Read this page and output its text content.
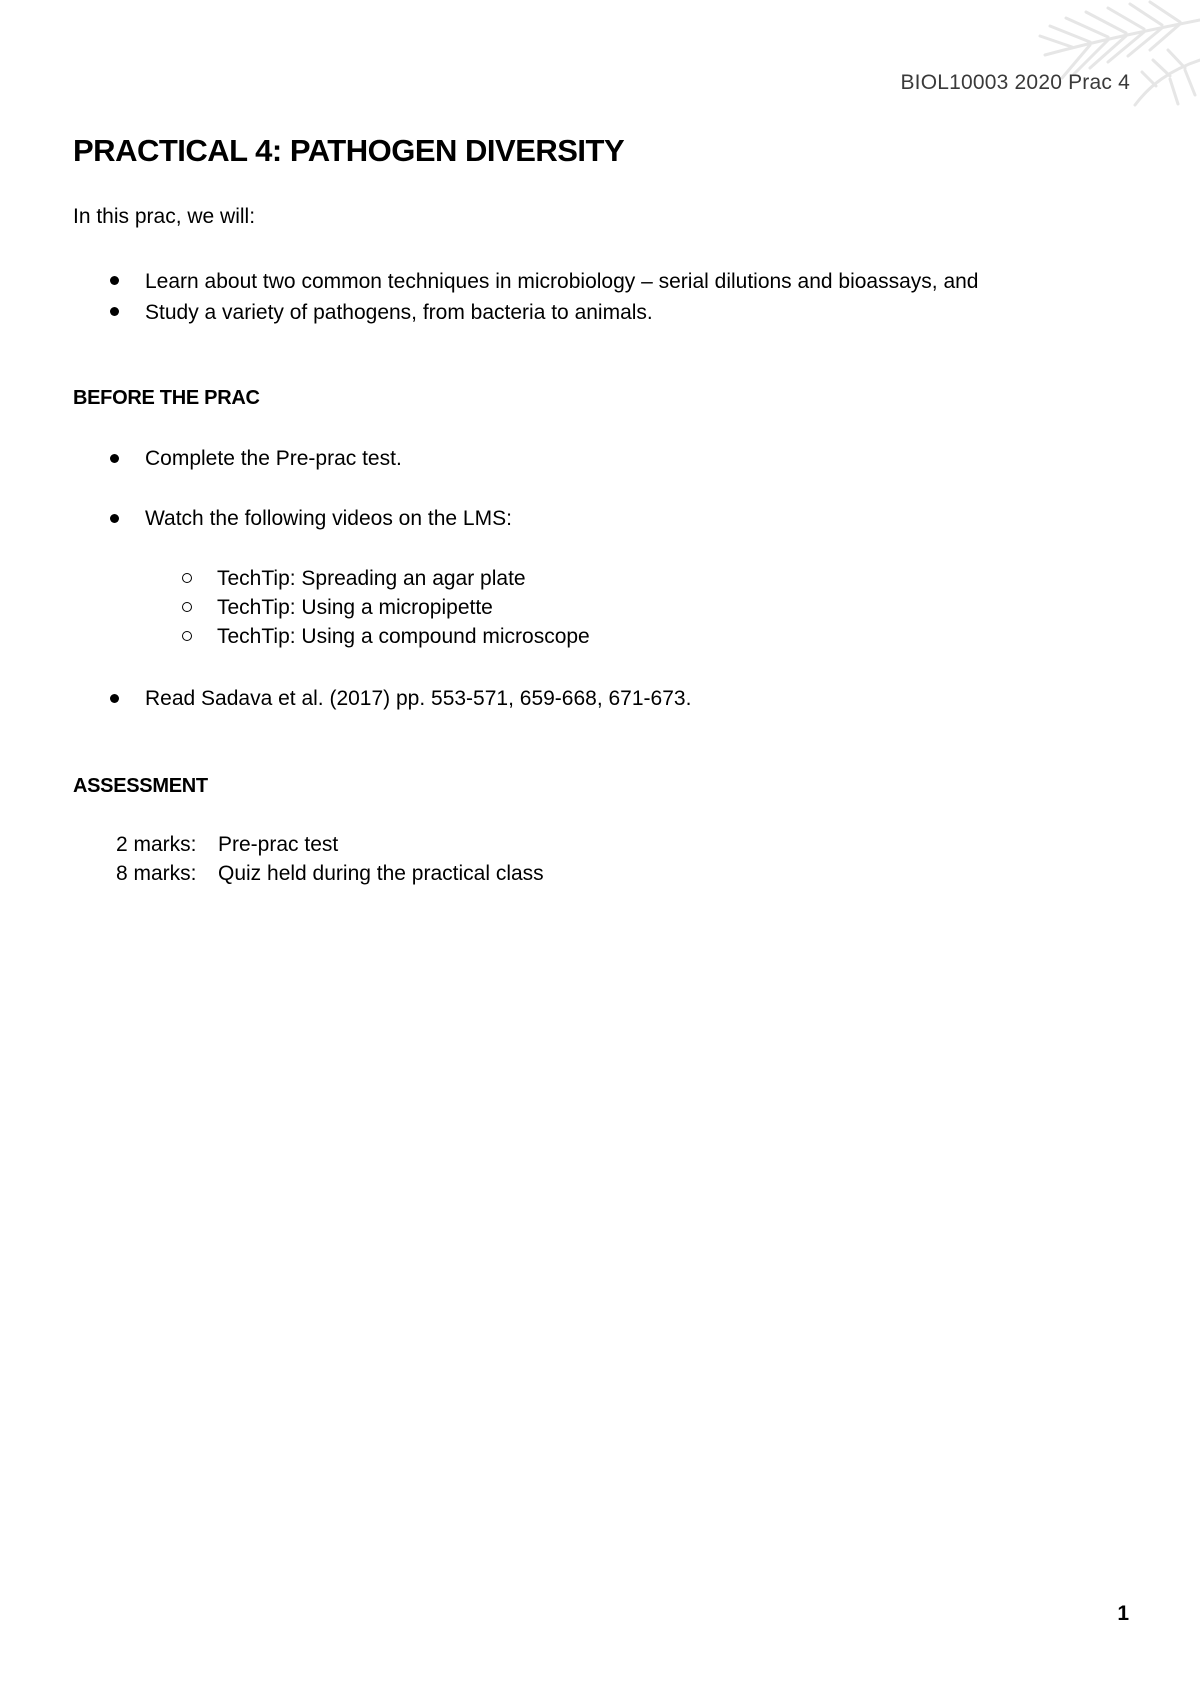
BIOL10003 2020 Prac 4
PRACTICAL 4: PATHOGEN DIVERSITY
In this prac, we will:
Learn about two common techniques in microbiology – serial dilutions and bioassays, and
Study a variety of pathogens, from bacteria to animals.
BEFORE THE PRAC
Complete the Pre-prac test.
Watch the following videos on the LMS:
TechTip: Spreading an agar plate
TechTip: Using a micropipette
TechTip: Using a compound microscope
Read Sadava et al. (2017) pp. 553-571, 659-668, 671-673.
ASSESSMENT
2 marks:	Pre-prac test
8 marks:	Quiz held during the practical class
1
